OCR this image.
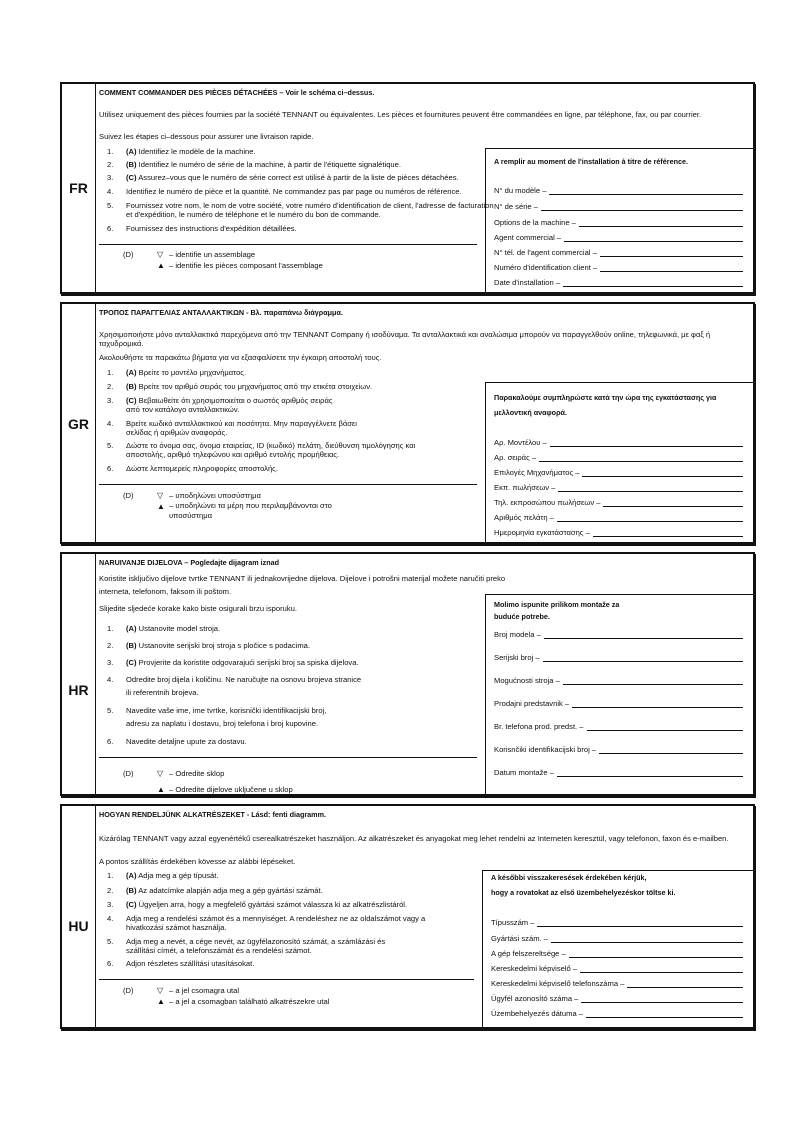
FR
COMMENT COMMANDER DES PIÈCES DÉTACHÉES – Voir le schéma ci–dessus.
Utilisez uniquement des pièces fournies par la société TENNANT ou équivalentes. Les pièces et fournitures peuvent être commandées en ligne, par téléphone, fax, ou par courrier.
Suivez les étapes ci–dessous pour assurer une livraison rapide.
1. (A) Identifiez le modèle de la machine.
2. (B) Identifiez le numéro de série de la machine, à partir de l'étiquette signalétique.
3. (C) Assurez–vous que le numéro de série correct est utilisé à partir de la liste de pièces détachées.
4. Identifiez le numéro de pièce et la quantité. Ne commandez pas par page ou numéros de référence.
5. Fournissez votre nom, le nom de votre société, votre numéro d'identification de client, l'adresse de facturation et d'expédition, le numéro de téléphone et le numéro du bon de commande.
6. Fournissez des instructions d'expédition détaillées.
(D)	▽ – identifie un assemblage
▲ – identifie les pièces composant l'assemblage
A remplir au moment de l'installation à titre de référence.
N° du modèle –
N° de série –
Options de la machine –
Agent commercial –
N° tél. de l'agent commercial –
Numéro d'identification client –
Date d'installation –
GR
ΤΡΟΠΟΣ ΠΑΡΑΓΓΕΛΙΑΣ ΑΝΤΑΛΛΑΚΤΙΚΩΝ - Βλ. παραπάνω διάγραμμα.
Χρησιμοποιήστε μόνο ανταλλακτικά παρεχόμενα από την TENNANT Company ή ισοδύναμα. Τα ανταλλακτικά και αναλώσιμα μπορούν να παραγγελθούν online, τηλεφωνικά, με φαξ ή ταχυδρομικά.
Ακολουθήστε τα παρακάτω βήματα για να εξασφαλίσετε την έγκαιρη αποστολή τους.
1. (A) Βρείτε το μοντέλο μηχανήματος.
2. (B) Βρείτε τον αριθμό σειράς του μηχανήματος από την ετικέτα στοιχείων.
3. (C) Βεβαιωθείτε ότι χρησιμοποιείται ο σωστός αριθμός σειράς από τον κατάλογο ανταλλακτικών.
4. Βρείτε κωδικό ανταλλακτικού και ποσότητα. Μην παραγγέλνετε βάσει σελίδας ή αριθμών αναφοράς.
5. Δώστε το όνομα σας, όνομα εταιρείας, ID (κωδικό) πελάτη, διεύθυνση τιμολόγησης και αποστολής, αριθμό τηλεφώνου και αριθμό εντολής προμήθειας.
6. Δώστε λεπτομερείς πληροφορίες αποστολής.
(D)	▽ – υποδηλώνει υποσύστημα
▲ – υποδηλώνει τα μέρη που περιλαμβάνονται στο υποσύστημα
Παρακαλούμε συμπληρώστε κατά την ώρα της εγκατάστασης για
μελλοντική αναφορά.
Αρ. Μοντέλου –
Αρ. σειράς –
Επιλογές Μηχανήματος –
Εκπ. πωλήσεων –
Τηλ. εκπροσώπου πωλήσεων –
Αριθμός πελάτη –
Ημερομηνία εγκατάστασης –
HR
NARUIVANJE DIJELOVA – Pogledajte dijagram iznad
Koristite isključivo dijelove tvrtke TENNANT ili jednakovrijedne dijelova. Dijelove i potrošni materijal možete naručiti preko interneta, telefonom, faksom ili poštom.
Slijedite sljedeće korake kako biste osigurali brzu isporuku.
1. (A) Ustanovite model stroja.
2. (B) Ustanovite serijski broj stroja s pločice s podacima.
3. (C) Provjerite da koristite odgovarajući serijski broj sa spiska dijelova.
4. Odredite broj dijela i količinu. Ne naručujte na osnovu brojeva stranice ili referentnih brojeva.
5. Navedite vaše ime, ime tvrtke, korisnički identifikacijski broj, adresu za naplatu i dostavu, broj telefona i broj kupovine.
6. Navedite detaljne upute za dostavu.
(D)	▽ – Odredite sklop
▲ – Odredite dijelove uključene u sklop
Molimo ispunite prilikom montaže za
buduće potrebe.
Broj modela –
Serijski broj –
Mogućnosti stroja –
Prodajni predstavnik –
Br. telefona prod. predst. –
Korisnčiki identifikacijski broj –
Datum montaže –
HU
HOGYAN RENDELJÜNK ALKATRÉSZEKET - Lásd: fenti diagramm.
Kizárólag TENNANT vagy azzal egyenértékű cserealkatrészeket használjon. Az alkatrészeket és anyagokat meg lehet rendelni az Interneten keresztül, vagy telefonon, faxon és e-mailben.
A pontos szállítás érdekében kövesse az alábbi lépéseket.
1. (A) Adja meg a gép típusát.
2. (B) Az adatcímke alapján adja meg a gép gyártási számát.
3. (C) Ügyeljen arra, hogy a megfelelő gyártási számot válassza ki az alkatrészlistáról.
4. Adja meg a rendelési számot és a mennyiséget. A rendeléshez ne az oldalszámot vagy a hivatkozási számot használja.
5. Adja meg a nevét, a cége nevét, az ügyfélazonosító számát, a számlázási és szállítási címét, a telefonszámát és a rendelési számot.
6. Adjon részletes szállítási utasításokat.
(D)	▽ – a jel csomagra utal
▲ – a jel a csomagban található alkatrészekre utal
A későbbi visszakeresések érdekében kérjük,
hogy a rovatokat az első üzembehelyezéskor töltse ki.
Típusszám –
Gyártási szám. –
A gép felszereltsége –
Kereskedelmi képviselő –
Kereskedelmi képviselő telefonszáma –
Ügyfél azonosító száma –
Üzembehelyezés dátuma –
